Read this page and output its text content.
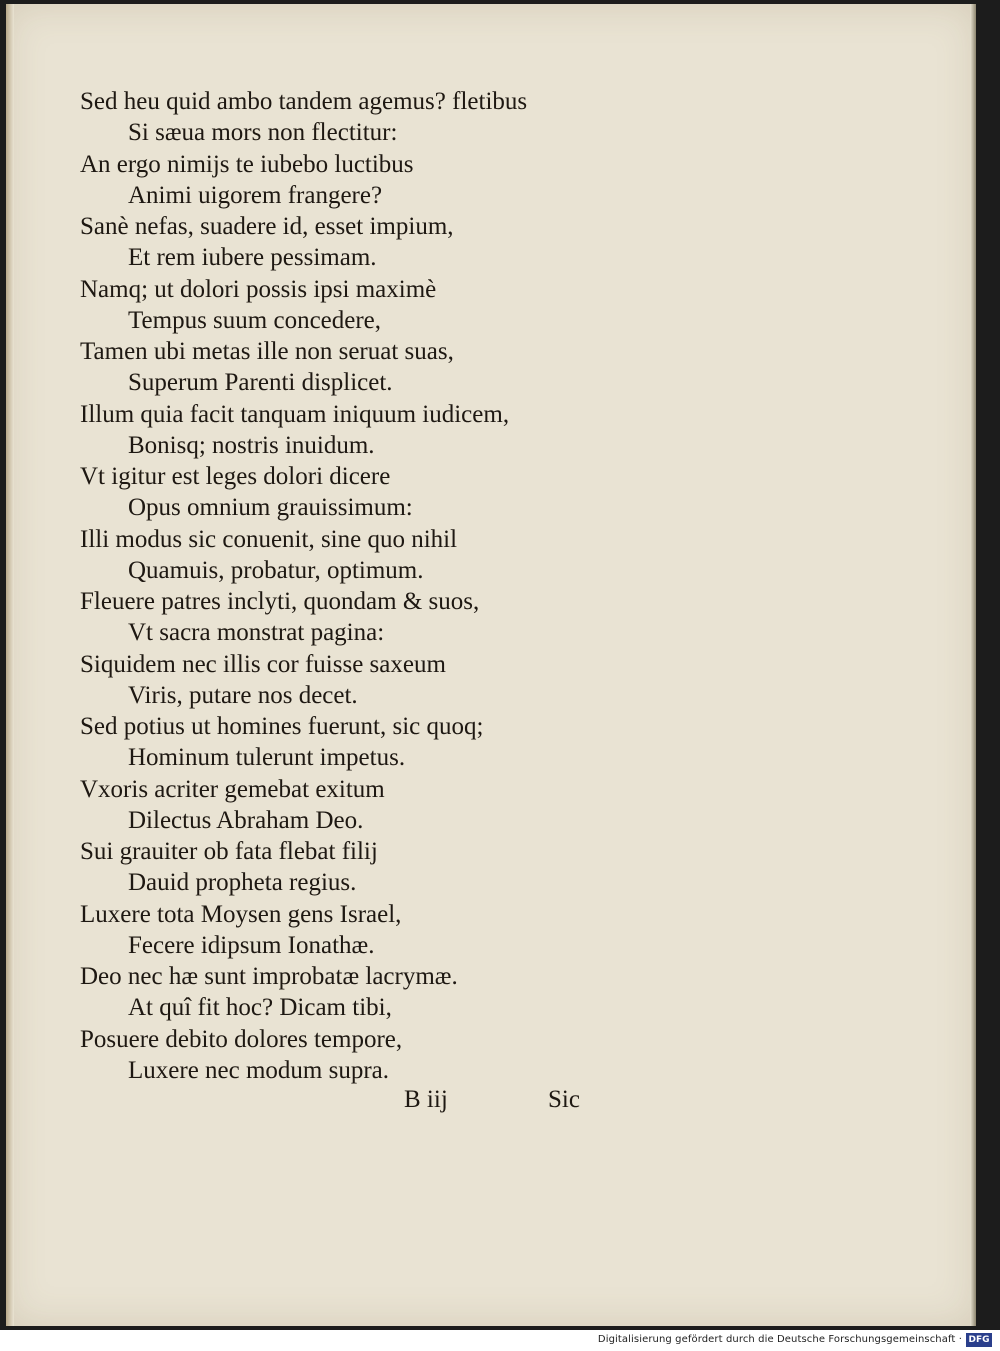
Sed heu quid ambo tandem agemus? fletibus
Si sæua mors non flectitur:
An ergo nimijs te iubebo luctibus
Animi uigorem frangere?
Sanè nefas, suadere id, esset impium,
Et rem iubere pessimam.
Namq; ut dolori possis ipsi maximè
Tempus suum concedere,
Tamen ubi metas ille non seruat suas,
Superum Parenti displicet.
Illum quia facit tanquam iniquum iudicem,
Bonisq; nostris inuidum.
Vt igitur est leges dolori dicere
Opus omnium grauissimum:
Illi modus sic conuenit, sine quo nihil
Quamuis, probatur, optimum.
Fleuere patres inclyti, quondam & suos,
Vt sacra monstrat pagina:
Siquidem nec illis cor fuisse saxeum
Viris, putare nos decet.
Sed potius ut homines fuerunt, sic quoq;
Hominum tulerunt impetus.
Vxoris acriter gemebat exitum
Dilectus Abraham Deo.
Sui grauiter ob fata flebat filij
Dauid propheta regius.
Luxere tota Moysen gens Israel,
Fecere idipsum Ionathæ.
Deo nec hæ sunt improbatæ lacrymæ.
At quî fit hoc? Dicam tibi,
Posuere debito dolores tempore,
Luxere nec modum supra.
B iij	Sic
Digitalisierung gefördert durch die Deutsche Forschungsgemeinschaft · DFG
